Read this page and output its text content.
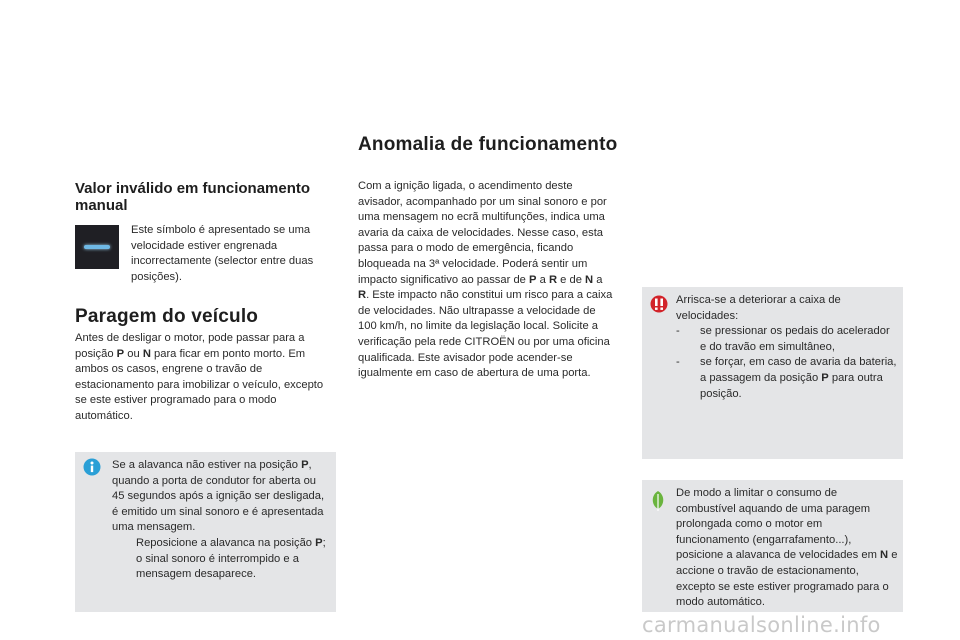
Anomalia de funcionamento
Valor inválido em funcionamento manual
Este símbolo é apresentado se uma velocidade estiver engrenada incorrectamente (selector entre duas posições).
Paragem do veículo
Antes de desligar o motor, pode passar para a posição P ou N para ficar em ponto morto. Em ambos os casos, engrene o travão de estacionamento para imobilizar o veículo, excepto se este estiver programado para o modo automático.

Se a alavanca não estiver na posição P, quando a porta de condutor for aberta ou 45 segundos após a ignição ser desligada, é emitido um sinal sonoro e é apresentada uma mensagem.

Reposicione a alavanca na posição P; o sinal sonoro é interrompido e a mensagem desaparece.
Com a ignição ligada, o acendimento deste avisador, acompanhado por um sinal sonoro e por uma mensagem no ecrã multifunções, indica uma avaria da caixa de velocidades. Nesse caso, esta passa para o modo de emergência, ficando bloqueada na 3ª velocidade. Poderá sentir um impacto significativo ao passar de P a R e de N a R. Este impacto não constitui um risco para a caixa de velocidades. Não ultrapasse a velocidade de 100 km/h, no limite da legislação local. Solicite a verificação pela rede CITROËN ou por uma oficina qualificada. Este avisador pode acender-se igualmente em caso de abertura de uma porta.

Arrisca-se a deteriorar a caixa de velocidades:

-	se pressionar os pedais do acelerador e do travão em simultâneo,
-	se forçar, em caso de avaria da bateria, a passagem da posição P para outra posição.
De modo a limitar o consumo de combustível aquando de uma paragem prolongada como o motor em funcionamento (engarrafamento...), posicione a alavanca de velocidades em N e accione o travão de estacionamento, excepto se este estiver programado para o modo automático.
carmanualsonline.info
